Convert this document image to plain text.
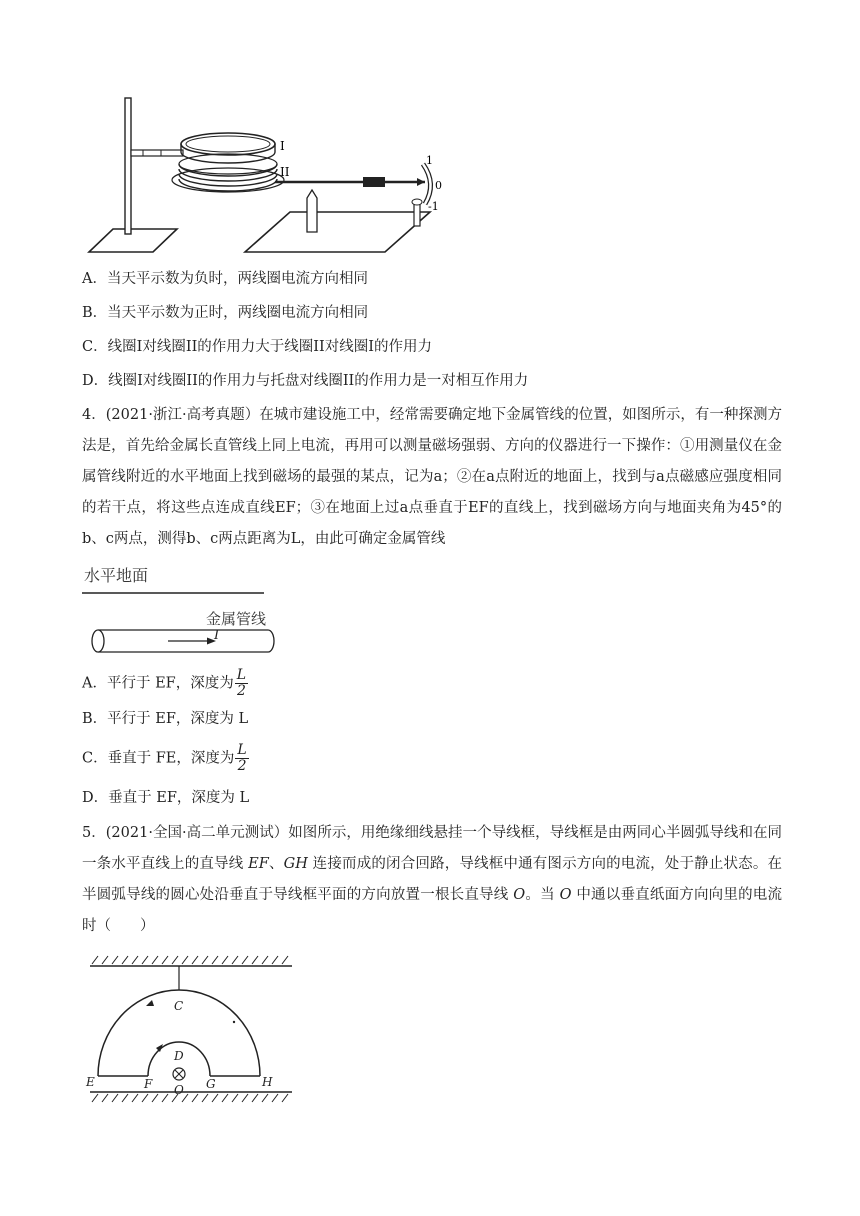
I
II
1
0
-1
A．当天平示数为负时，两线圈电流方向相同
B．当天平示数为正时，两线圈电流方向相同
C．线圈I对线圈II的作用力大于线圈II对线圈I的作用力
D．线圈I对线圈II的作用力与托盘对线圈II的作用力是一对相互作用力
4．(2021·浙江·高考真题）在城市建设施工中，经常需要确定地下金属管线的位置，如图所示，有一种探测方法是，首先给金属长直管线上同上电流，再用可以测量磁场强弱、方向的仪器进行一下操作：①用测量仪在金属管线附近的水平地面上找到磁场的最强的某点，记为a；②在a点附近的地面上，找到与a点磁感应强度相同的若干点，将这些点连成直线EF；③在地面上过a点垂直于EF的直线上，找到磁场方向与地面夹角为45°的b、c两点，测得b、c两点距离为L，由此可确定金属管线
水平地面
金属管线
I
A．平行于 EF，深度为 $\frac{L}{2}$
B．平行于 EF，深度为 L
C．垂直于 FE，深度为 $\frac{L}{2}$
D．垂直于 EF，深度为 L
5．(2021·全国·高二单元测试）如图所示，用绝缘细线悬挂一个导线框，导线框是由两同心半圆弧导线和在同一条水平直线上的直导线 EF、GH 连接而成的闭合回路，导线框中通有图示方向的电流，处于静止状态。在半圆弧导线的圆心处沿垂直于导线框平面的方向放置一根长直导线 O。当 O 中通以垂直纸面方向向里的电流时（　　）
C
D
E	F	G	H
O
